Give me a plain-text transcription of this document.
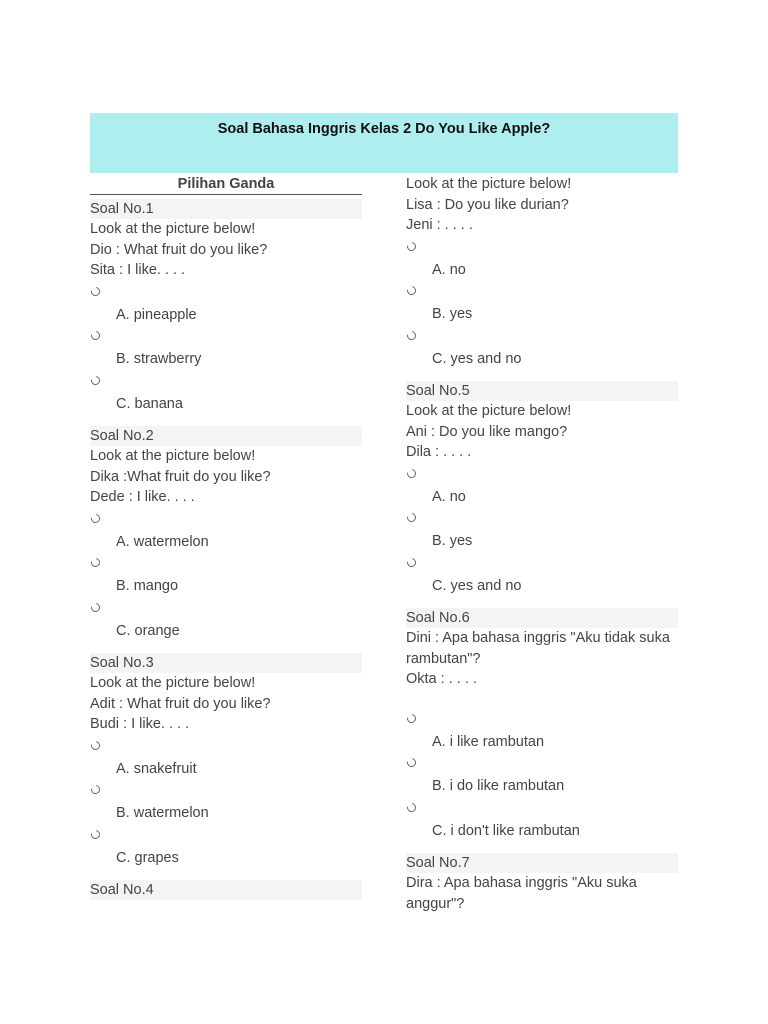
Soal Bahasa Inggris Kelas 2 Do You Like Apple?
Pilihan Ganda
Soal No.1
Look at the picture below!
Dio : What fruit do you like?
Sita : I like. . . .
A. pineapple
B. strawberry
C. banana
Soal No.2
Look at the picture below!
Dika :What fruit do you like?
Dede : I like. . . .
A. watermelon
B. mango
C. orange
Soal No.3
Look at the picture below!
Adit : What fruit do you like?
Budi : I like. . . .
A. snakefruit
B. watermelon
C. grapes
Soal No.4
Look at the picture below!
Lisa : Do you like durian?
Jeni : . . . .
A. no
B. yes
C. yes and no
Soal No.5
Look at the picture below!
Ani : Do you like mango?
Dila : . . . .
A. no
B. yes
C. yes and no
Soal No.6
Dini : Apa bahasa inggris "Aku tidak suka rambutan"?
Okta : . . . .
A. i like rambutan
B. i do like rambutan
C. i don't like rambutan
Soal No.7
Dira : Apa bahasa inggris "Aku suka anggur"?
